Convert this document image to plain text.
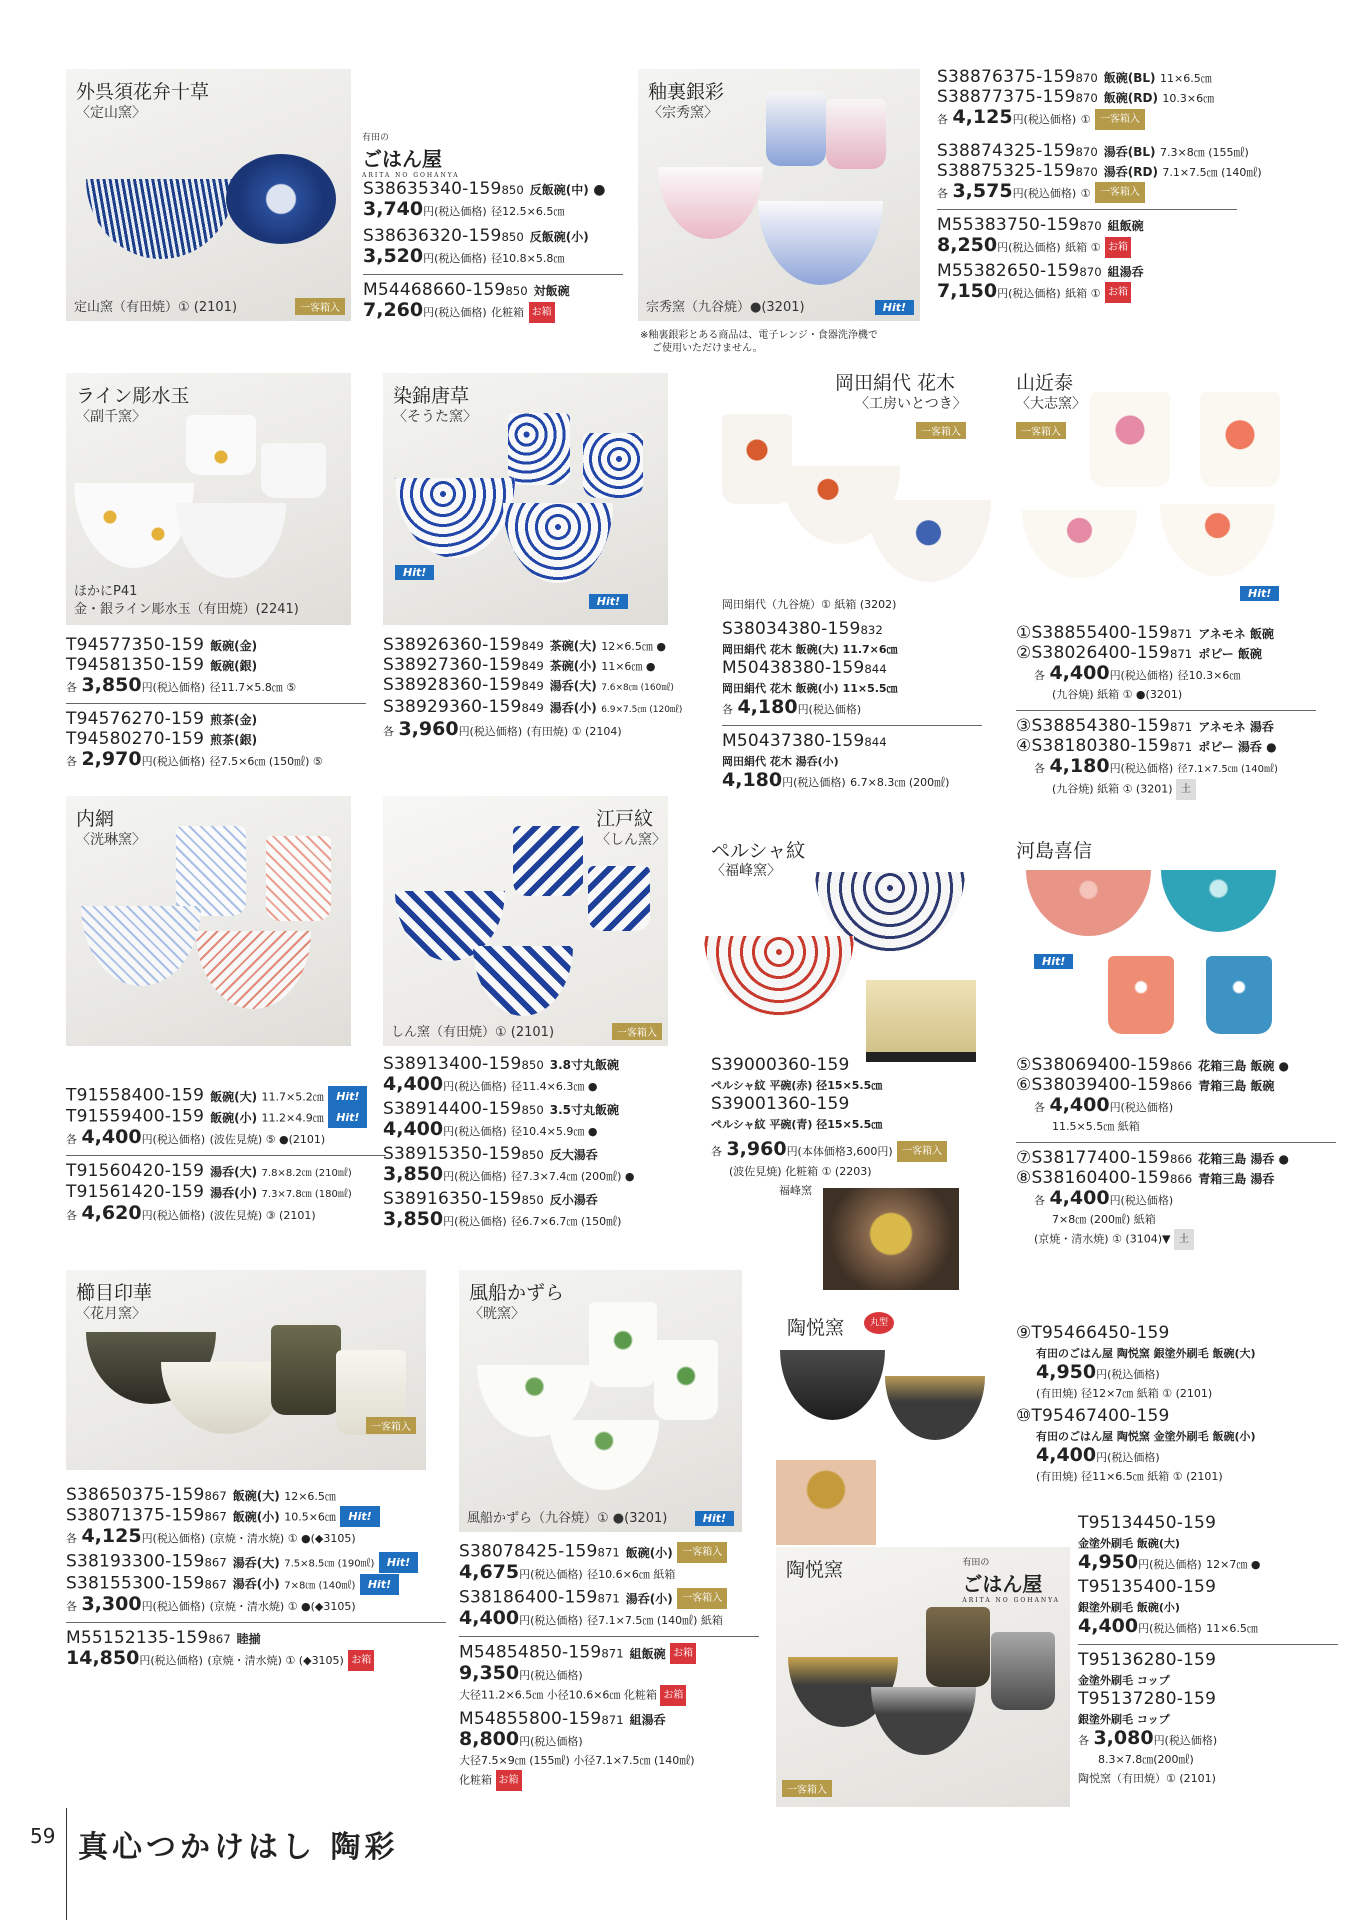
外呉須花弁十草
〈定山窯〉
定山窯（有田焼）① (2101)	一客箱入
有田の
ごはん屋
ARITA NO GOHANYA
S38635340-159850 反飯碗(中) ●
3,740円(税込価格) 径12.5×6.5㎝
S38636320-159850 反飯碗(小)
3,520円(税込価格) 径10.8×5.8㎝
M54468660-159850 対飯碗
7,260円(税込価格) 化粧箱 お箱
釉裏銀彩
〈宗秀窯〉
宗秀窯（九谷焼）●(3201)	Hit!
※釉裏銀彩とある商品は、電子レンジ・食器洗浄機で
ご使用いただけません。
S38876375-159870 飯碗(BL) 11×6.5㎝
S38877375-159870 飯碗(RD) 10.3×6㎝
各 4,125円(税込価格) ① 一客箱入
S38874325-159870 湯呑(BL) 7.3×8㎝ (155㎖)
S38875325-159870 湯呑(RD) 7.1×7.5㎝ (140㎖)
各 3,575円(税込価格) ① 一客箱入
M55383750-159870 組飯碗
8,250円(税込価格) 紙箱 ① お箱
M55382650-159870 組湯呑
7,150円(税込価格) 紙箱 ① お箱
ライン彫水玉
〈副千窯〉
ほかにP41
金・銀ライン彫水玉（有田焼）(2241)
T94577350-159 飯碗(金)
T94581350-159 飯碗(銀)
各 3,850円(税込価格) 径11.7×5.8㎝ ⑤
T94576270-159 煎茶(金)
T94580270-159 煎茶(銀)
各 2,970円(税込価格) 径7.5×6㎝ (150㎖) ⑤
染錦唐草
〈そうた窯〉
Hit!
Hit!
S38926360-159849 茶碗(大) 12×6.5㎝ ●
S38927360-159849 茶碗(小) 11×6㎝ ●
S38928360-159849 湯呑(大) 7.6×8㎝ (160㎖)
S38929360-159849 湯呑(小) 6.9×7.5㎝ (120㎖)
各 3,960円(税込価格) (有田焼) ① (2104)
岡田絹代 花木
〈工房いとつき〉
一客箱入
岡田絹代（九谷焼）① 紙箱 (3202)
S38034380-159832
岡田絹代 花木 飯碗(大) 11.7×6㎝
M50438380-159844
岡田絹代 花木 飯碗(小) 11×5.5㎝
各 4,180円(税込価格)
M50437380-159844
岡田絹代 花木 湯呑(小)
4,180円(税込価格) 6.7×8.3㎝ (200㎖)
山近泰
〈大志窯〉
一客箱入
Hit!
①S38855400-159871 アネモネ 飯碗
②S38026400-159871 ポピー 飯碗
各 4,400円(税込価格) 径10.3×6㎝
(九谷焼) 紙箱 ① ●(3201)
③S38854380-159871 アネモネ 湯呑
④S38180380-159871 ポピー 湯呑 ●
各 4,180円(税込価格) 径7.1×7.5㎝ (140㎖)
(九谷焼) 紙箱 ① (3201) 土
内網
〈洸琳窯〉
T91558400-159 飯碗(大) 11.7×5.2㎝ Hit!
T91559400-159 飯碗(小) 11.2×4.9㎝ Hit!
各 4,400円(税込価格) (波佐見焼) ⑤ ●(2101)
T91560420-159 湯呑(大) 7.8×8.2㎝ (210㎖)
T91561420-159 湯呑(小) 7.3×7.8㎝ (180㎖)
各 4,620円(税込価格) (波佐見焼) ③ (2101)
江戸紋
〈しん窯〉
しん窯（有田焼）① (2101)	一客箱入
S38913400-159850 3.8寸丸飯碗
4,400円(税込価格) 径11.4×6.3㎝ ●
S38914400-159850 3.5寸丸飯碗
4,400円(税込価格) 径10.4×5.9㎝ ●
S38915350-159850 反大湯呑
3,850円(税込価格) 径7.3×7.4㎝ (200㎖) ●
S38916350-159850 反小湯呑
3,850円(税込価格) 径6.7×6.7㎝ (150㎖)
ペルシャ紋
〈福峰窯〉
S39000360-159
ペルシャ紋 平碗(赤) 径15×5.5㎝
S39001360-159
ペルシャ紋 平碗(青) 径15×5.5㎝
各 3,960円(本体価格3,600円) 一客箱入
(波佐見焼) 化粧箱 ① (2203)
福峰窯
河島喜信
Hit!
⑤S38069400-159866 花箱三島 飯碗 ●
⑥S38039400-159866 青箱三島 飯碗
各 4,400円(税込価格)
11.5×5.5㎝ 紙箱
⑦S38177400-159866 花箱三島 湯呑 ●
⑧S38160400-159866 青箱三島 湯呑
各 4,400円(税込価格)
7×8㎝ (200㎖) 紙箱
(京焼・清水焼) ① (3104)▼ 土
櫛目印華
〈花月窯〉
一客箱入
S38650375-159867 飯碗(大) 12×6.5㎝
S38071375-159867 飯碗(小) 10.5×6㎝ Hit!
各 4,125円(税込価格) (京焼・清水焼) ① ●(◆3105)
S38193300-159867 湯呑(大) 7.5×8.5㎝ (190㎖) Hit!
S38155300-159867 湯呑(小) 7×8㎝ (140㎖) Hit!
各 3,300円(税込価格) (京焼・清水焼) ① ●(◆3105)
M55152135-159867 睦揃
14,850円(税込価格) (京焼・清水焼) ① (◆3105) お箱
風船かずら
〈晄窯〉
風船かずら（九谷焼）① ●(3201)	Hit!
S38078425-159871 飯碗(小) 一客箱入
4,675円(税込価格) 径10.6×6㎝ 紙箱
S38186400-159871 湯呑(小) 一客箱入
4,400円(税込価格) 径7.1×7.5㎝ (140㎖) 紙箱
M54854850-159871 組飯碗 お箱
9,350円(税込価格)
大径11.2×6.5㎝ 小径10.6×6㎝ 化粧箱 お箱
M54855800-159871 組湯呑
8,800円(税込価格)
大径7.5×9㎝ (155㎖) 小径7.1×7.5㎝ (140㎖)
化粧箱 お箱
陶悦窯	丸型	⑨T95466450-159
有田のごはん屋 陶悦窯 銀塗外刷毛 飯碗(大)
4,950円(税込価格)
(有田焼) 径12×7㎝ 紙箱 ① (2101)
⑩T95467400-159
有田のごはん屋 陶悦窯 金塗外刷毛 飯碗(小)
4,400円(税込価格)
(有田焼) 径11×6.5㎝ 紙箱 ① (2101)
陶悦窯	有田の
ごはん屋
ARITA NO GOHANYA
一客箱入
T95134450-159
金塗外刷毛 飯碗(大)
4,950円(税込価格) 12×7㎝ ●
T95135400-159
銀塗外刷毛 飯碗(小)
4,400円(税込価格) 11×6.5㎝
T95136280-159
金塗外刷毛 コップ
T95137280-159
銀塗外刷毛 コップ
各 3,080円(税込価格)
8.3×7.8㎝(200㎖)
陶悦窯（有田焼）① (2101)
59 真心つかけはし 陶彩
